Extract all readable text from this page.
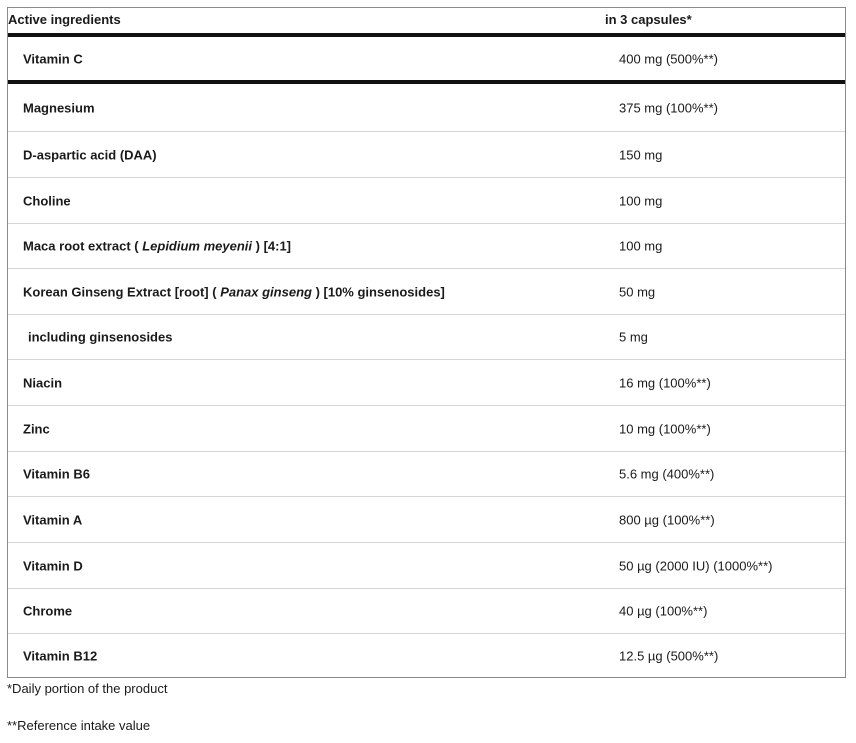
Active ingredients	in 3 capsules*
Vitamin C	400 mg (500%**)
Magnesium	375 mg (100%**)
D-aspartic acid (DAA)	150 mg
Choline	100 mg
Maca root extract ( Lepidium meyenii ) [4:1]	100 mg
Korean Ginseng Extract [root] ( Panax ginseng ) [10% ginsenosides]	50 mg
including ginsenosides	5 mg
Niacin	16 mg (100%**)
Zinc	10 mg (100%**)
Vitamin B6	5.6 mg (400%**)
Vitamin A	800 µg (100%**)
Vitamin D	50 µg (2000 IU) (1000%**)
Chrome	40 µg (100%**)
Vitamin B12	12.5 µg (500%**)
*Daily portion of the product
**Reference intake value
